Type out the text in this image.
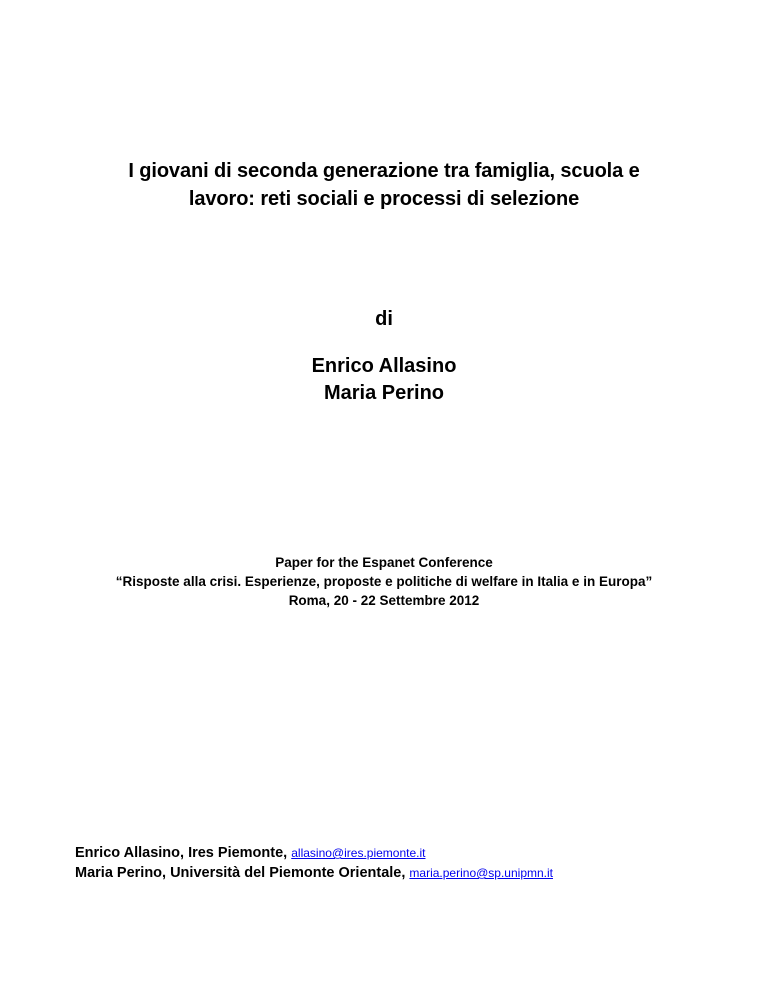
I giovani di seconda generazione tra famiglia, scuola e
lavoro: reti sociali e processi di selezione
di
Enrico Allasino
Maria Perino
Paper for the Espanet Conference
“Risposte alla crisi. Esperienze, proposte e politiche di welfare in Italia e in Europa”
Roma, 20 - 22 Settembre 2012
Enrico Allasino, Ires Piemonte, allasino@ires.piemonte.it
Maria Perino, Università del Piemonte Orientale, maria.perino@sp.unipmn.it
